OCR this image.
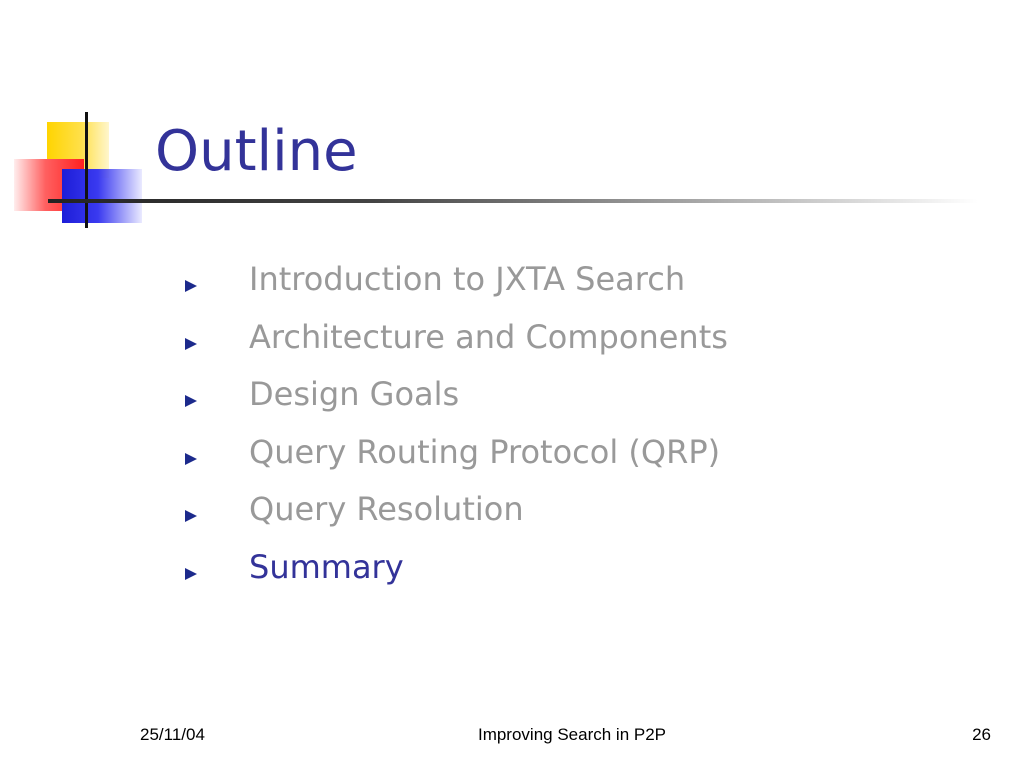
Outline
Introduction to JXTA Search
Architecture and Components
Design Goals
Query Routing Protocol (QRP)
Query Resolution
Summary
25/11/04	Improving Search in P2P	26
